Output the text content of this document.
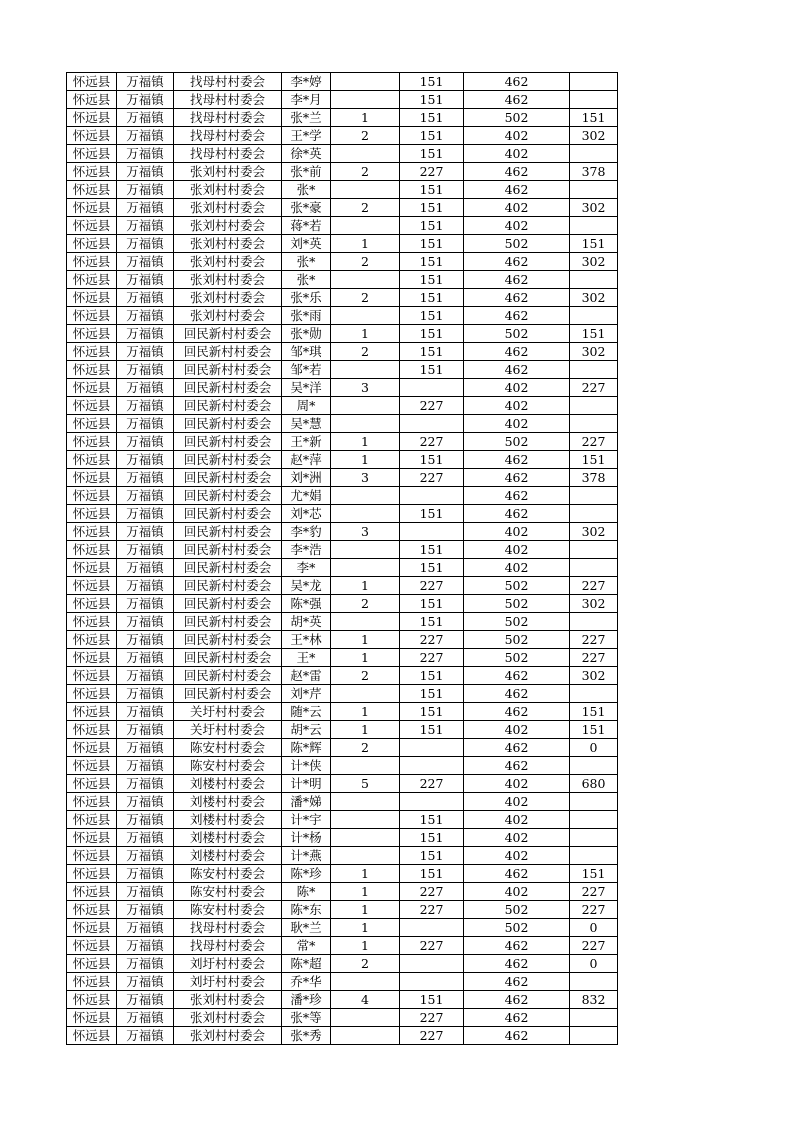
怀远县	万福镇	找母村村委会	李*婷		151	462	
怀远县	万福镇	找母村村委会	李*月		151	462	
怀远县	万福镇	找母村村委会	张*兰	1	151	502	151
怀远县	万福镇	找母村村委会	王*学	2	151	402	302
怀远县	万福镇	找母村村委会	徐*英		151	402	
怀远县	万福镇	张刘村村委会	张*前	2	227	462	378
怀远县	万福镇	张刘村村委会	张*		151	462	
怀远县	万福镇	张刘村村委会	张*豪	2	151	402	302
怀远县	万福镇	张刘村村委会	蒋*若		151	402	
怀远县	万福镇	张刘村村委会	刘*英	1	151	502	151
怀远县	万福镇	张刘村村委会	张*	2	151	462	302
怀远县	万福镇	张刘村村委会	张*		151	462	
怀远县	万福镇	张刘村村委会	张*乐	2	151	462	302
怀远县	万福镇	张刘村村委会	张*雨		151	462	
怀远县	万福镇	回民新村村委会	张*勋	1	151	502	151
怀远县	万福镇	回民新村村委会	邹*琪	2	151	462	302
怀远县	万福镇	回民新村村委会	邹*若		151	462	
怀远县	万福镇	回民新村村委会	吴*洋	3		402	227
怀远县	万福镇	回民新村村委会	周*		227	402	
怀远县	万福镇	回民新村村委会	吴*慧			402	
怀远县	万福镇	回民新村村委会	王*新	1	227	502	227
怀远县	万福镇	回民新村村委会	赵*萍	1	151	462	151
怀远县	万福镇	回民新村村委会	刘*洲	3	227	462	378
怀远县	万福镇	回民新村村委会	尤*娟			462	
怀远县	万福镇	回民新村村委会	刘*芯		151	462	
怀远县	万福镇	回民新村村委会	李*豹	3		402	302
怀远县	万福镇	回民新村村委会	李*浩		151	402	
怀远县	万福镇	回民新村村委会	李*		151	402	
怀远县	万福镇	回民新村村委会	吴*龙	1	227	502	227
怀远县	万福镇	回民新村村委会	陈*强	2	151	502	302
怀远县	万福镇	回民新村村委会	胡*英		151	502	
怀远县	万福镇	回民新村村委会	王*林	1	227	502	227
怀远县	万福镇	回民新村村委会	王*	1	227	502	227
怀远县	万福镇	回民新村村委会	赵*雷	2	151	462	302
怀远县	万福镇	回民新村村委会	刘*芹		151	462	
怀远县	万福镇	关圩村村委会	随*云	1	151	462	151
怀远县	万福镇	关圩村村委会	胡*云	1	151	402	151
怀远县	万福镇	陈安村村委会	陈*辉	2		462	0
怀远县	万福镇	陈安村村委会	计*侠			462	
怀远县	万福镇	刘楼村村委会	计*明	5	227	402	680
怀远县	万福镇	刘楼村村委会	潘*娣			402	
怀远县	万福镇	刘楼村村委会	计*宇		151	402	
怀远县	万福镇	刘楼村村委会	计*杨		151	402	
怀远县	万福镇	刘楼村村委会	计*燕		151	402	
怀远县	万福镇	陈安村村委会	陈*珍	1	151	462	151
怀远县	万福镇	陈安村村委会	陈*	1	227	402	227
怀远县	万福镇	陈安村村委会	陈*东	1	227	502	227
怀远县	万福镇	找母村村委会	耿*兰	1		502	0
怀远县	万福镇	找母村村委会	常*	1	227	462	227
怀远县	万福镇	刘圩村村委会	陈*超	2		462	0
怀远县	万福镇	刘圩村村委会	乔*华			462	
怀远县	万福镇	张刘村村委会	潘*珍	4	151	462	832
怀远县	万福镇	张刘村村委会	张*等		227	462	
怀远县	万福镇	张刘村村委会	张*秀		227	462	
